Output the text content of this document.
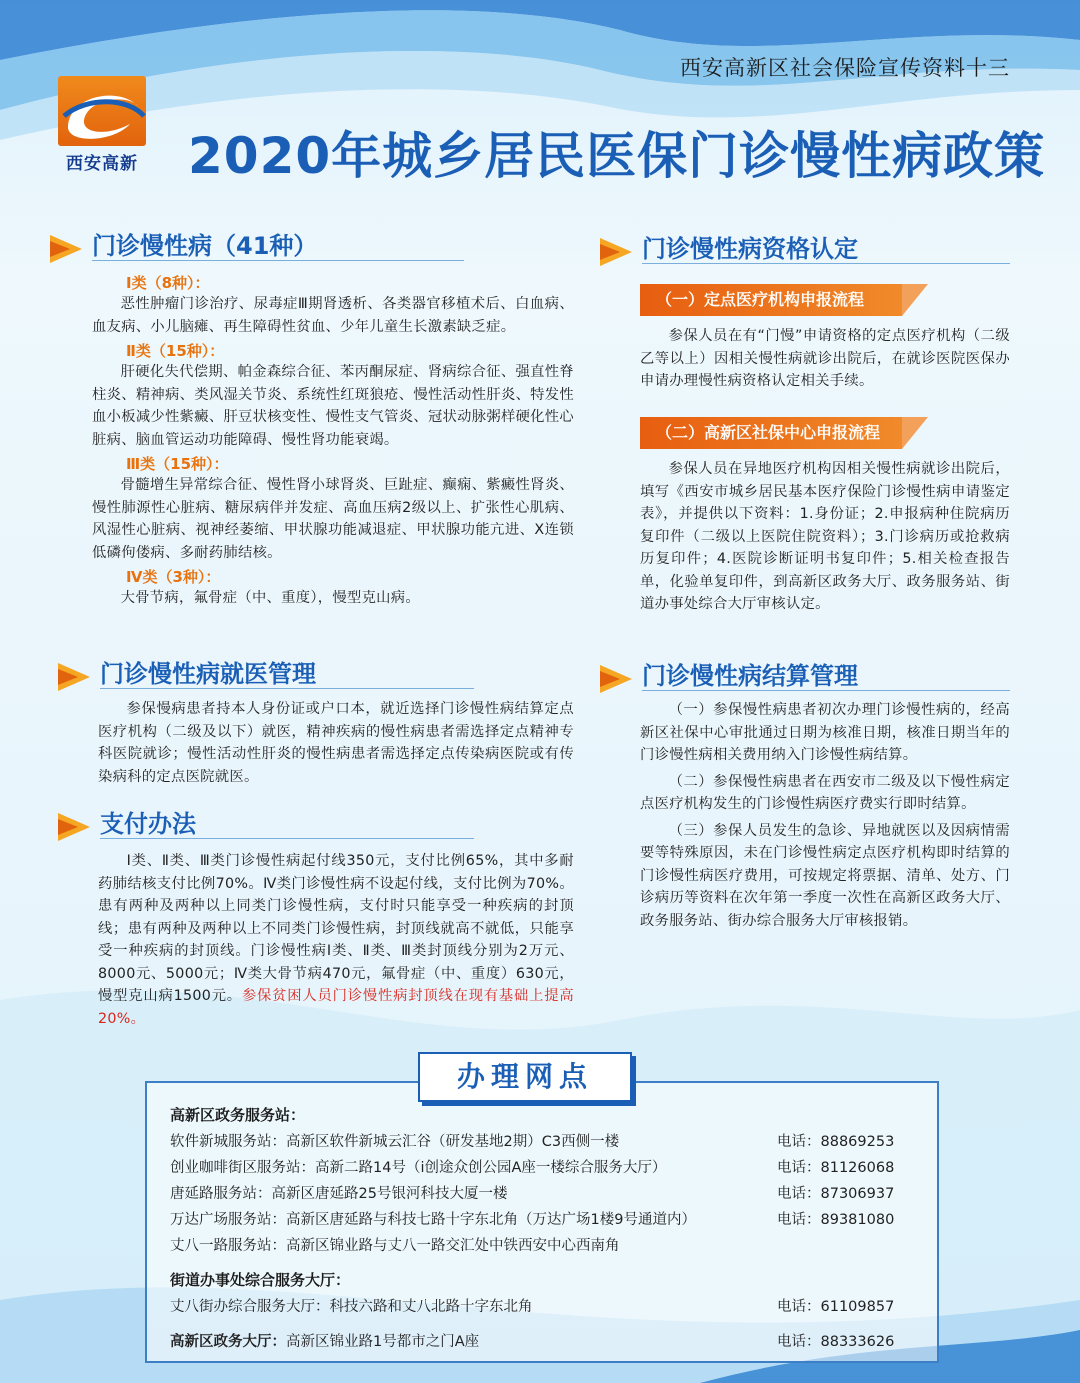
西安高新区社会保险宣传资料十三
西安高新 2020年城乡居民医保门诊慢性病政策
门诊慢性病（41种）
Ⅰ类（8种）：
恶性肿瘤门诊治疗、尿毒症Ⅲ期肾透析、各类器官移植术后、白血病、血友病、小儿脑瘫、再生障碍性贫血、少年儿童生长激素缺乏症。
Ⅱ类（15种）：
肝硬化失代偿期、帕金森综合征、苯丙酮尿症、肾病综合征、强直性脊柱炎、精神病、类风湿关节炎、系统性红斑狼疮、慢性活动性肝炎、特发性血小板减少性紫癜、肝豆状核变性、慢性支气管炎、冠状动脉粥样硬化性心脏病、脑血管运动功能障碍、慢性肾功能衰竭。
Ⅲ类（15种）：
骨髓增生异常综合征、慢性肾小球肾炎、巨趾症、癫痫、紫癜性肾炎、慢性肺源性心脏病、糖尿病伴并发症、高血压病2级以上、扩张性心肌病、风湿性心脏病、视神经萎缩、甲状腺功能减退症、甲状腺功能亢进、X连锁低磷佝偻病、多耐药肺结核。
Ⅳ类（3种）：
大骨节病，氟骨症（中、重度），慢型克山病。
门诊慢性病就医管理
参保慢病患者持本人身份证或户口本，就近选择门诊慢性病结算定点医疗机构（二级及以下）就医，精神疾病的慢性病患者需选择定点精神专科医院就诊；慢性活动性肝炎的慢性病患者需选择定点传染病医院或有传染病科的定点医院就医。
支付办法
Ⅰ类、Ⅱ类、Ⅲ类门诊慢性病起付线350元，支付比例65%，其中多耐药肺结核支付比例70%。Ⅳ类门诊慢性病不设起付线，支付比例为70%。患有两种及两种以上同类门诊慢性病，支付时只能享受一种疾病的封顶线；患有两种及两种以上不同类门诊慢性病，封顶线就高不就低，只能享受一种疾病的封顶线。门诊慢性病Ⅰ类、Ⅱ类、Ⅲ类封顶线分别为2万元、8000元、5000元；Ⅳ类大骨节病470元，氟骨症（中、重度）630元，慢型克山病1500元。参保贫困人员门诊慢性病封顶线在现有基础上提高20%。
门诊慢性病资格认定
（一）定点医疗机构申报流程
参保人员在有“门慢”申请资格的定点医疗机构（二级乙等以上）因相关慢性病就诊出院后，在就诊医院医保办申请办理慢性病资格认定相关手续。
（二）高新区社保中心申报流程
参保人员在异地医疗机构因相关慢性病就诊出院后，填写《西安市城乡居民基本医疗保险门诊慢性病申请鉴定表》，并提供以下资料：1.身份证；2.申报病种住院病历复印件（二级以上医院住院资料）；3.门诊病历或抢救病历复印件；4.医院诊断证明书复印件；5.相关检查报告单，化验单复印件，到高新区政务大厅、政务服务站、街道办事处综合大厅审核认定。
门诊慢性病结算管理
（一）参保慢性病患者初次办理门诊慢性病的，经高新区社保中心审批通过日期为核准日期，核准日期当年的门诊慢性病相关费用纳入门诊慢性病结算。
（二）参保慢性病患者在西安市二级及以下慢性病定点医疗机构发生的门诊慢性病医疗费实行即时结算。
（三）参保人员发生的急诊、异地就医以及因病情需要等特殊原因，未在门诊慢性病定点医疗机构即时结算的门诊慢性病医疗费用，可按规定将票据、清单、处方、门诊病历等资料在次年第一季度一次性在高新区政务大厅、政务服务站、街办综合服务大厅审核报销。
办理网点
高新区政务服务站：
软件新城服务站：高新区软件新城云汇谷（研发基地2期）C3西侧一楼	电话：88869253
创业咖啡街区服务站：高新二路14号（i创途众创公园A座一楼综合服务大厅）	电话：81126068
唐延路服务站：高新区唐延路25号银河科技大厦一楼	电话：87306937
万达广场服务站：高新区唐延路与科技七路十字东北角（万达广场1楼9号通道内）	电话：89381080
丈八一路服务站：高新区锦业路与丈八一路交汇处中铁西安中心西南角
街道办事处综合服务大厅：
丈八街办综合服务大厅：科技六路和丈八北路十字东北角	电话：61109857
高新区政务大厅：高新区锦业路1号都市之门A座	电话：88333626
